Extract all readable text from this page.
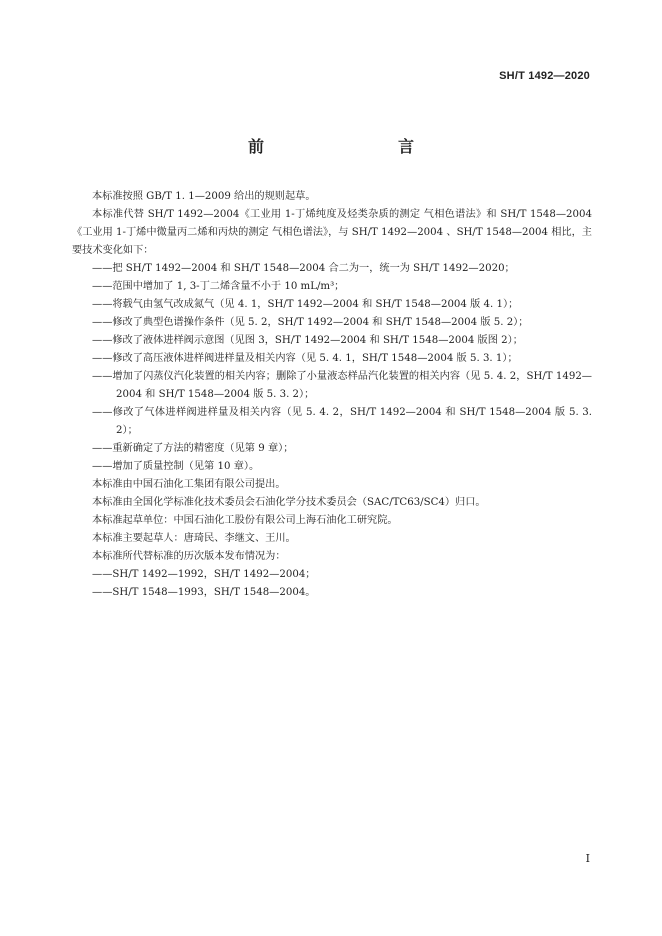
SH/T 1492—2020
前　　言

本标准按照 GB/T 1. 1—2009 给出的规则起草。

本标准代替 SH/T 1492—2004《工业用 1-丁烯纯度及烃类杂质的测定 气相色谱法》和 SH/T 1548—2004《工业用 1-丁烯中微量丙二烯和丙炔的测定 气相色谱法》，与 SH/T 1492—2004 、SH/T 1548—2004 相比，主要技术变化如下：

——把 SH/T 1492—2004 和 SH/T 1548—2004 合二为一，统一为 SH/T 1492—2020；
——范围中增加了 1, 3-丁二烯含量不小于 10 mL/m³；
——将载气由氢气改成氮气（见 4. 1，SH/T 1492—2004 和 SH/T 1548—2004 版 4. 1）；
——修改了典型色谱操作条件（见 5. 2，SH/T 1492—2004 和 SH/T 1548—2004 版 5. 2）；
——修改了液体进样阀示意图（见图 3，SH/T 1492—2004 和 SH/T 1548—2004 版图 2）；
——修改了高压液体进样阀进样量及相关内容（见 5. 4. 1，SH/T 1548—2004 版 5. 3. 1）；
——增加了闪蒸仪汽化装置的相关内容；删除了小量液态样品汽化装置的相关内容（见 5. 4. 2，SH/T 1492—2004 和 SH/T 1548—2004 版 5. 3. 2）；
——修改了气体进样阀进样量及相关内容（见 5. 4. 2，SH/T 1492—2004 和 SH/T 1548—2004 版 5. 3. 2）；
——重新确定了方法的精密度（见第 9 章）；
——增加了质量控制（见第 10 章）。

本标准由中国石油化工集团有限公司提出。

本标准由全国化学标准化技术委员会石油化学分技术委员会（SAC/TC63/SC4）归口。

本标准起草单位：中国石油化工股份有限公司上海石油化工研究院。

本标准主要起草人：唐琦民、李继文、王川。

本标准所代替标准的历次版本发布情况为：

——SH/T 1492—1992，SH/T 1492—2004；
——SH/T 1548—1993，SH/T 1548—2004。
I
